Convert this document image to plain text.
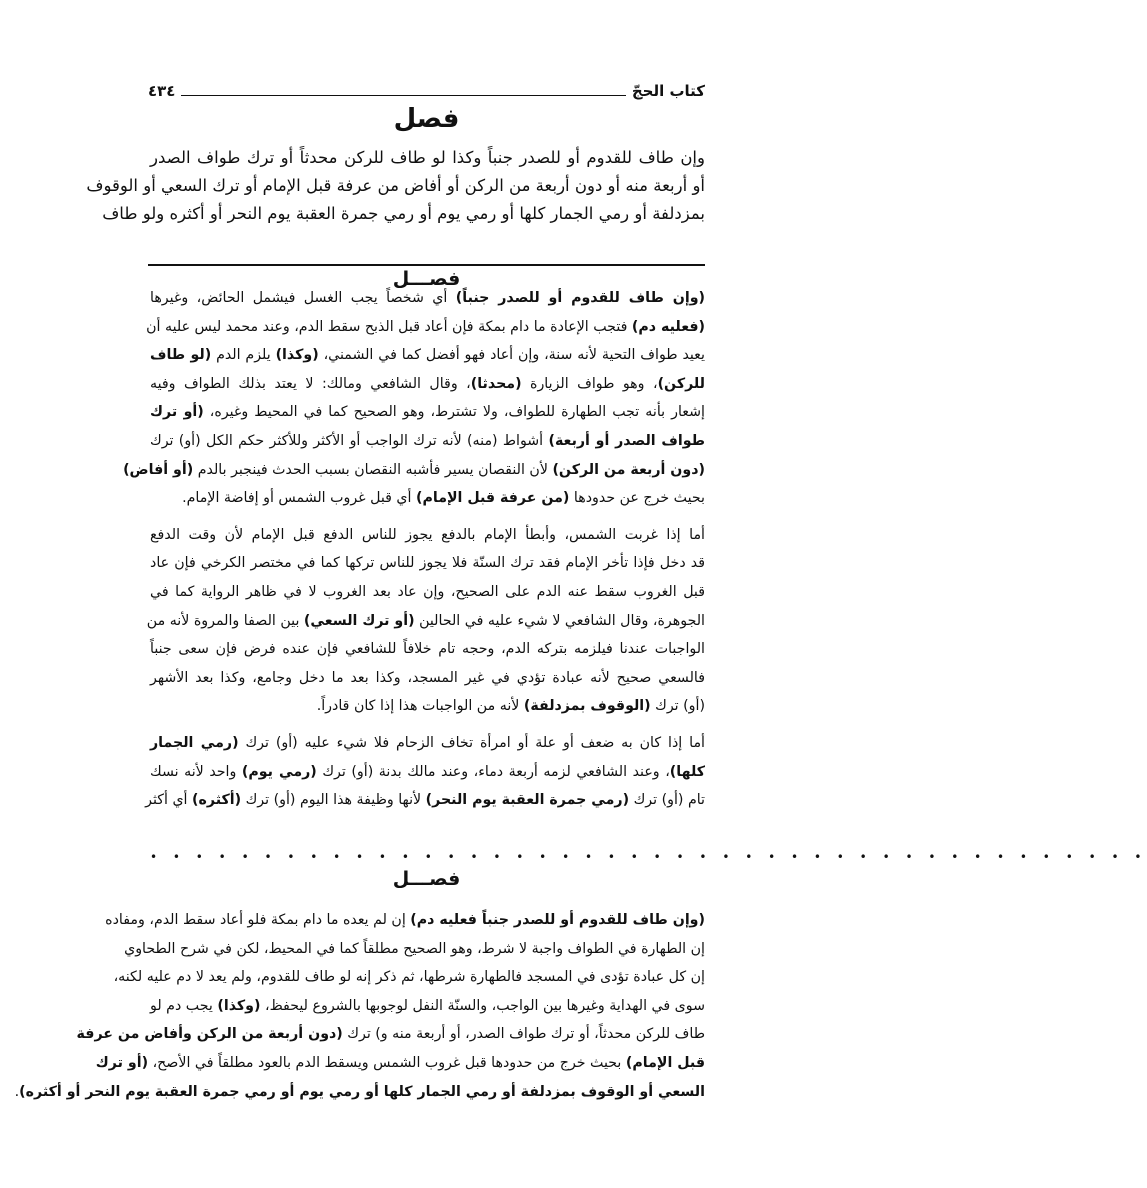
كتاب الحجّ
٤٣٤
فصل
وإن طاف للقدوم أو للصدر جنباً وكذا لو طاف للركن محدثاً أو ترك طواف الصدر
أو أربعة منه أو دون أربعة من الركن أو أفاض من عرفة قبل الإمام أو ترك السعي أو الوقوف
بمزدلفة أو رمي الجمار كلها أو رمي يوم أو رمي جمرة العقبة يوم النحر أو أكثره ولو طاف
فصـــل
(وإن طاف للقدوم أو للصدر جنباً) أي شخصاً يجب الغسل فيشمل الحائض، وغيرها
(فعليه دم) فتجب الإعادة ما دام بمكة فإن أعاد قبل الذبح سقط الدم، وعند محمد ليس عليه أن
يعيد طواف التحية لأنه سنة، وإن أعاد فهو أفضل كما في الشمني، (وكذا) يلزم الدم (لو طاف
للركن)، وهو طواف الزيارة (محدثا)، وقال الشافعي ومالك: لا يعتد بذلك الطواف وفيه
إشعار بأنه تجب الطهارة للطواف، ولا تشترط، وهو الصحيح كما في المحيط وغيره، (أو ترك
طواف الصدر أو أربعة) أشواط (منه) لأنه ترك الواجب أو الأكثر وللأكثر حكم الكل (أو) ترك
(دون أربعة من الركن) لأن النقصان يسير فأشبه النقصان بسبب الحدث فينجبر بالدم (أو أفاض)
بحيث خرج عن حدودها (من عرفة قبل الإمام) أي قبل غروب الشمس أو إفاضة الإمام.
أما إذا غربت الشمس، وأبطأ الإمام بالدفع يجوز للناس الدفع قبل الإمام لأن وقت الدفع
قد دخل فإذا تأخر الإمام فقد ترك السنّة فلا يجوز للناس تركها كما في مختصر الكرخي فإن عاد
قبل الغروب سقط عنه الدم على الصحيح، وإن عاد بعد الغروب لا في ظاهر الرواية كما في
الجوهرة، وقال الشافعي لا شيء عليه في الحالين (أو ترك السعي) بين الصفا والمروة لأنه من
الواجبات عندنا فيلزمه بتركه الدم، وحجه تام خلافاً للشافعي فإن عنده فرض فإن سعى جنباً
فالسعي صحيح لأنه عبادة تؤدي في غير المسجد، وكذا بعد ما دخل وجامع، وكذا بعد الأشهر
(أو) ترك (الوقوف بمزدلفة) لأنه من الواجبات هذا إذا كان قادراً.
أما إذا كان به ضعف أو علة أو امرأة تخاف الزحام فلا شيء عليه (أو) ترك (رمي الجمار
كلها)، وعند الشافعي لزمه أربعة دماء، وعند مالك بدنة (أو) ترك (رمي يوم) واحد لأنه نسك
تام (أو) ترك (رمي جمرة العقبة يوم النحر) لأنها وظيفة هذا اليوم (أو) ترك (أكثره) أي أكثر
• • • • • • • • • • • • • • • • • • • • • • • • • • • • • • • • • • • • • • • • • • • •
فصـــل
(وإن طاف للقدوم أو للصدر جنباً فعليه دم) إن لم يعده ما دام بمكة فلو أعاد سقط الدم، ومفاده
إن الطهارة في الطواف واجبة لا شرط، وهو الصحيح مطلقاً كما في المحيط، لكن في شرح الطحاوي
إن كل عبادة تؤدى في المسجد فالطهارة شرطها، ثم ذكر إنه لو طاف للقدوم، ولم يعد لا دم عليه لكنه،
سوى في الهداية وغيرها بين الواجب، والسنّة النفل لوجوبها بالشروع ليحفظ، (وكذا) يجب دم لو
طاف للركن محدثاً، أو ترك طواف الصدر، أو أربعة منه و) ترك (دون أربعة من الركن وأفاض من عرفة
قبل الإمام) بحيث خرج من حدودها قبل غروب الشمس ويسقط الدم بالعود مطلقاً في الأصح، (أو ترك
السعي أو الوقوف بمزدلفة أو رمي الجمار كلها أو رمي يوم أو رمي جمرة العقبة يوم النحر أو أكثره).
